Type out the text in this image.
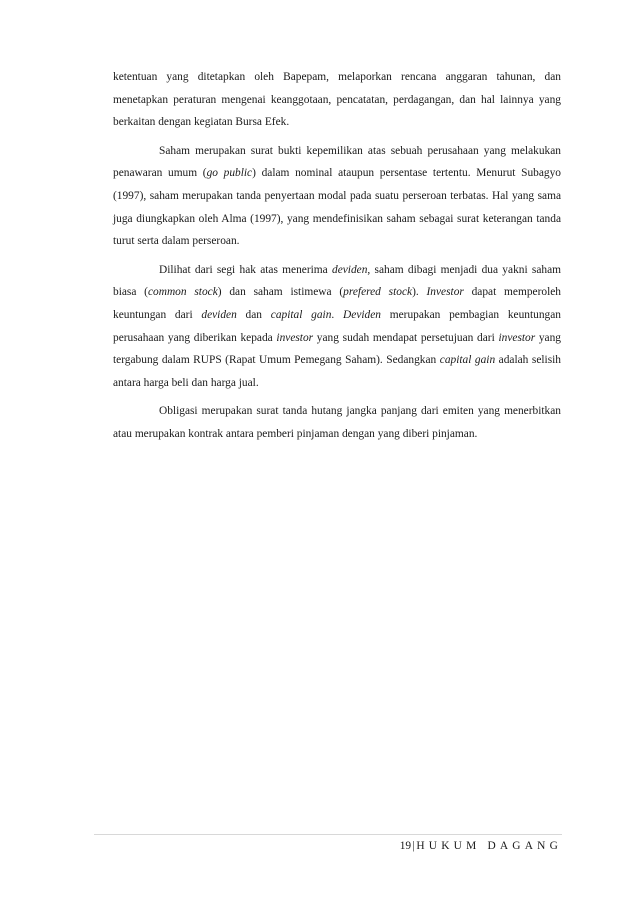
ketentuan yang ditetapkan oleh Bapepam, melaporkan rencana anggaran tahunan, dan menetapkan peraturan mengenai keanggotaan, pencatatan, perdagangan, dan hal lainnya yang berkaitan dengan kegiatan Bursa Efek.

Saham merupakan surat bukti kepemilikan atas sebuah perusahaan yang melakukan penawaran umum (go public) dalam nominal ataupun persentase tertentu. Menurut Subagyo (1997), saham merupakan tanda penyertaan modal pada suatu perseroan terbatas. Hal yang sama juga diungkapkan oleh Alma (1997), yang mendefinisikan saham sebagai surat keterangan tanda turut serta dalam perseroan.

Dilihat dari segi hak atas menerima deviden, saham dibagi menjadi dua yakni saham biasa (common stock) dan saham istimewa (prefered stock). Investor dapat memperoleh keuntungan dari deviden dan capital gain. Deviden merupakan pembagian keuntungan perusahaan yang diberikan kepada investor yang sudah mendapat persetujuan dari investor yang tergabung dalam RUPS (Rapat Umum Pemegang Saham). Sedangkan capital gain adalah selisih antara harga beli dan harga jual.

Obligasi merupakan surat tanda hutang jangka panjang dari emiten yang menerbitkan atau merupakan kontrak antara pemberi pinjaman dengan yang diberi pinjaman.

19| HUKUM DAGANG
